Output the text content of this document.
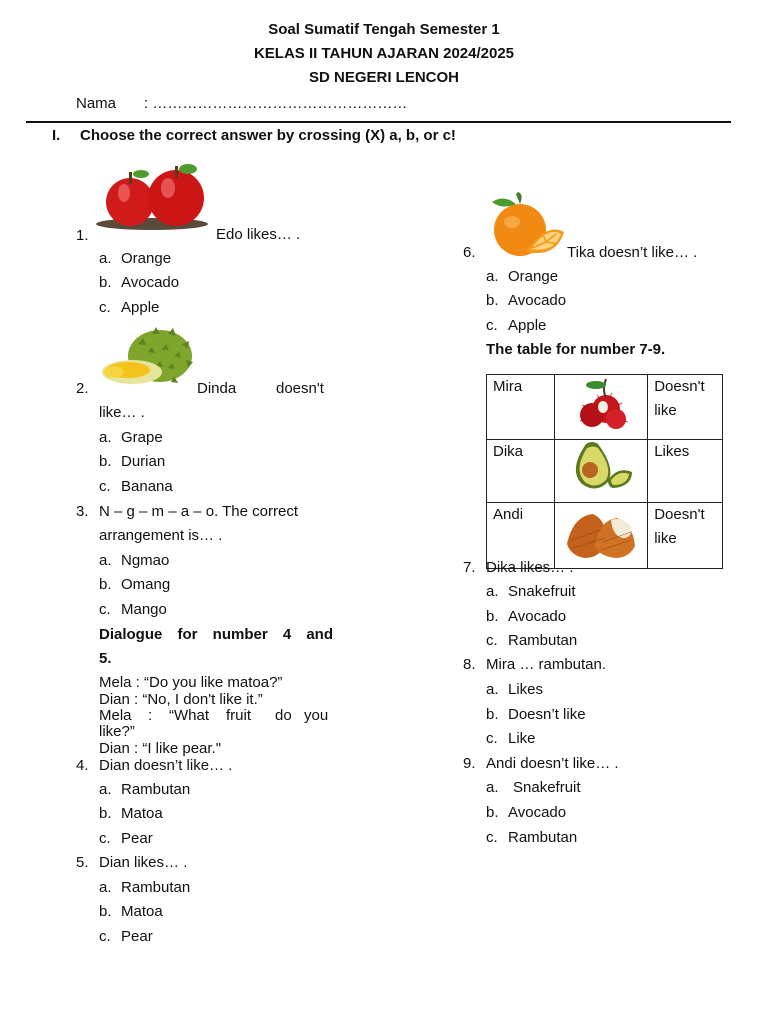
Soal Sumatif Tengah Semester 1
KELAS II TAHUN AJARAN 2024/2025
SD NEGERI LENCOH
Nama : ……………………………………………
I. Choose the correct answer by crossing (X) a, b, or c!
1.	Edo likes… .
a. Orange
b. Avocado
c. Apple
2.	Dinda	doesn't
like… .
a. Grape
b. Durian
c. Banana
3. N – g – m – a – o. The correct
arrangement is… .
a. Ngmao
b. Omang
c. Mango
Dialogue for number 4 and
5.
Mela : “Do you like matoa?”
Dian : “No, I don't like it.”
Mela : “What fruit do you
like?”
Dian : “I like pear."
4. Dian doesn’t like… .
a. Rambutan
b. Matoa
c. Pear
5. Dian likes… .
a. Rambutan
b. Matoa
c. Pear
6.	Tika doesn’t like… .
a. Orange
b. Avocado
c. Apple
The table for number 7-9.
Mira		Doesn't
like

Dika		Likes

Andi		Doesn't
like
7. Dika likes… .
a. Snakefruit
b. Avocado
c. Rambutan
8. Mira … rambutan.
a. Likes
b. Doesn’t like
c. Like
9. Andi doesn’t like… .
a. Snakefruit
b. Avocado
c. Rambutan
